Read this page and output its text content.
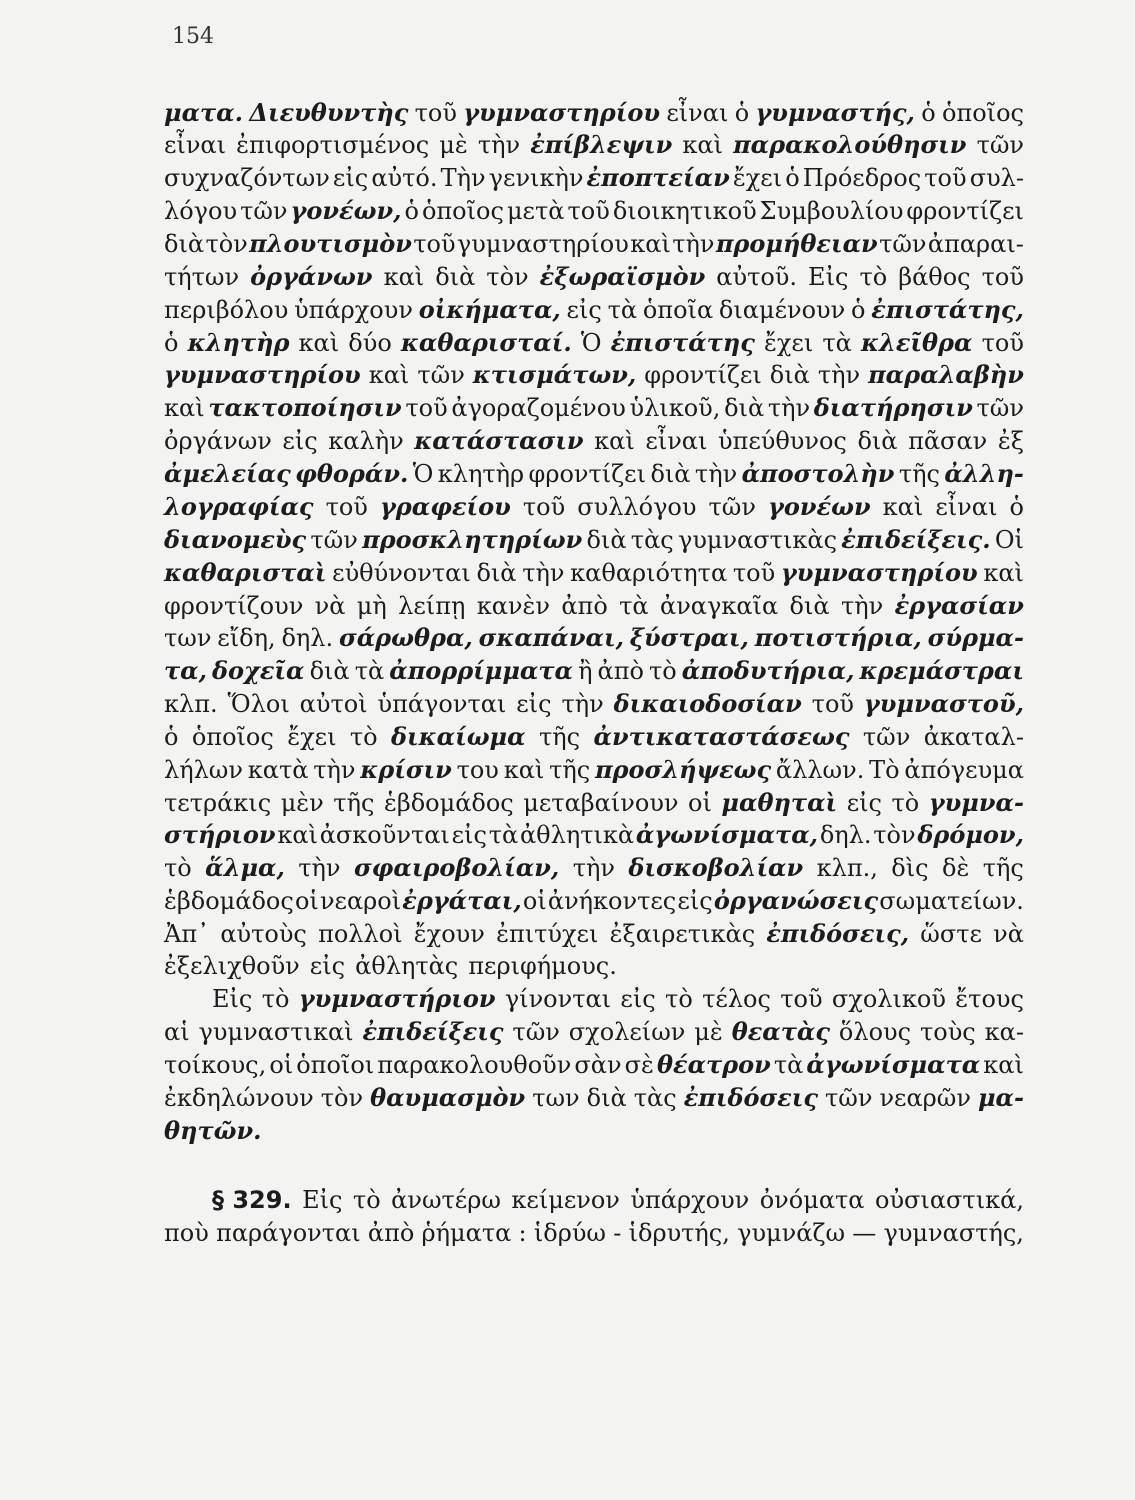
154
ματα. Διευθυντὴς τοῦ γυμναστηρίου εἶναι ὁ γυμναστής, ὁ ὁποῖος
εἶναι ἐπιφορτισμένος μὲ τὴν ἐπίβλεψιν καὶ παρακολούθησιν τῶν
συχναζόντων εἰς αὐτό. Τὴν γενικὴν ἐποπτείαν ἔχει ὁ Πρόεδρος τοῦ συλ-
λόγου τῶν γονέων, ὁ ὁποῖος μετὰ τοῦ διοικητικοῦ Συμβουλίου φροντίζει
διὰ τὸν πλουτισμὸν τοῦ γυμναστηρίου καὶ τὴν προμήθειαν τῶν ἀπαραι-
τήτων ὀργάνων καὶ διὰ τὸν ἐξωραϊσμὸν αὐτοῦ. Εἰς τὸ βάθος τοῦ
περιβόλου ὑπάρχουν οἰκήματα, εἰς τὰ ὁποῖα διαμένουν ὁ ἐπιστάτης,
ὁ κλητὴρ καὶ δύο καθαρισταί. Ὁ ἐπιστάτης ἔχει τὰ κλεῖθρα τοῦ
γυμναστηρίου καὶ τῶν κτισμάτων, φροντίζει διὰ τὴν παραλαβὴν
καὶ τακτοποίησιν τοῦ ἀγοραζομένου ὑλικοῦ, διὰ τὴν διατήρησιν τῶν
ὀργάνων εἰς καλὴν κατάστασιν καὶ εἶναι ὑπεύθυνος διὰ πᾶσαν ἐξ
ἀμελείας φθοράν. Ὁ κλητὴρ φροντίζει διὰ τὴν ἀποστολὴν τῆς ἀλλη-
λογραφίας τοῦ γραφείου τοῦ συλλόγου τῶν γονέων καὶ εἶναι ὁ
διανομεὺς τῶν προσκλητηρίων διὰ τὰς γυμναστικὰς ἐπιδείξεις. Οἱ
καθαρισταὶ εὐθύνονται διὰ τὴν καθαριότητα τοῦ γυμναστηρίου καὶ
φροντίζουν νὰ μὴ λείπῃ κανὲν ἀπὸ τὰ ἀναγκαῖα διὰ τὴν ἐργασίαν
των εἴδη, δηλ. σάρωθρα, σκαπάναι, ξύστραι, ποτιστήρια, σύρμα-
τα, δοχεῖα διὰ τὰ ἀπορρίμματα ἢ ἀπὸ τὸ ἀποδυτήρια, κρεμάστραι
κλπ. Ὅλοι αὐτοὶ ὑπάγονται εἰς τὴν δικαιοδοσίαν τοῦ γυμναστοῦ,
ὁ ὁποῖος ἔχει τὸ δικαίωμα τῆς ἀντικαταστάσεως τῶν ἀκαταλ-
λήλων κατὰ τὴν κρίσιν του καὶ τῆς προσλήψεως ἄλλων. Τὸ ἀπόγευμα
τετράκις μὲν τῆς ἑβδομάδος μεταβαίνουν οἱ μαθηταὶ εἰς τὸ γυμνα-
στήριον καὶ ἀσκοῦνται εἰς τὰ ἀθλητικὰ ἀγωνίσματα, δηλ. τὸν δρόμον,
τὸ ἅλμα, τὴν σφαιροβολίαν, τὴν δισκοβολίαν κλπ., δὶς δὲ τῆς
ἑβδομάδος οἱ νεαροὶ ἐργάται, οἱ ἀνήκοντες εἰς ὀργανώσεις σωματείων.
Ἀπ᾿ αὐτοὺς πολλοὶ ἔχουν ἐπιτύχει ἐξαιρετικὰς ἐπιδόσεις, ὥστε νὰ
ἐξελιχθοῦν εἰς ἀθλητὰς περιφήμους.
Εἰς τὸ γυμναστήριον γίνονται εἰς τὸ τέλος τοῦ σχολικοῦ ἔτους
αἱ γυμναστικαὶ ἐπιδείξεις τῶν σχολείων μὲ θεατὰς ὅλους τοὺς κα-
τοίκους, οἱ ὁποῖοι παρακολουθοῦν σὰν σὲ θέατρον τὰ ἀγωνίσματα καὶ
ἐκδηλώνουν τὸν θαυμασμὸν των διὰ τὰς ἐπιδόσεις τῶν νεαρῶν μα-
θητῶν.
§ 329. Εἰς τὸ ἀνωτέρω κείμενον ὑπάρχουν ὀνόματα οὐσιαστικά,
ποὺ παράγονται ἀπὸ ῥήματα : ἱδρύω - ἱδρυτής, γυμνάζω — γυμναστής,
